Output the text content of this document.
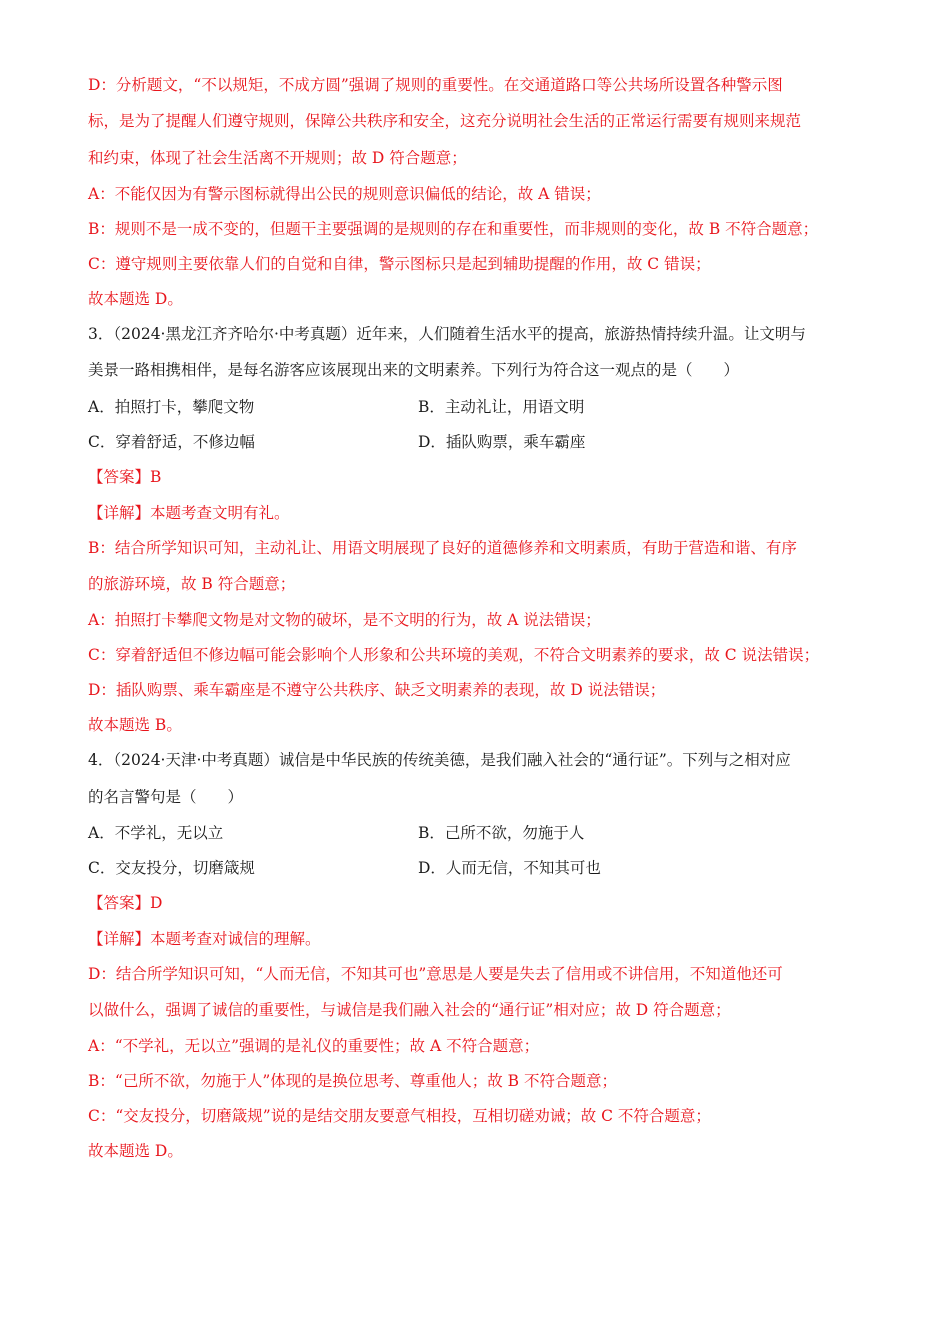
D：分析题文，“不以规矩，不成方圆”强调了规则的重要性。在交通道路口等公共场所设置各种警示图
标，是为了提醒人们遵守规则，保障公共秩序和安全，这充分说明社会生活的正常运行需要有规则来规范
和约束，体现了社会生活离不开规则；故 D 符合题意；
A：不能仅因为有警示图标就得出公民的规则意识偏低的结论，故 A 错误；
B：规则不是一成不变的，但题干主要强调的是规则的存在和重要性，而非规则的变化，故 B 不符合题意；
C：遵守规则主要依靠人们的自觉和自律，警示图标只是起到辅助提醒的作用，故 C 错误；
故本题选 D。
3．（2024·黑龙江齐齐哈尔·中考真题）近年来，人们随着生活水平的提高，旅游热情持续升温。让文明与
美景一路相携相伴，是每名游客应该展现出来的文明素养。下列行为符合这一观点的是（　　）
A．拍照打卡，攀爬文物	B．主动礼让，用语文明
C．穿着舒适，不修边幅	D．插队购票，乘车霸座
【答案】B
【详解】本题考查文明有礼。
B：结合所学知识可知，主动礼让、用语文明展现了良好的道德修养和文明素质，有助于营造和谐、有序
的旅游环境，故 B 符合题意；
A：拍照打卡攀爬文物是对文物的破坏，是不文明的行为，故 A 说法错误；
C：穿着舒适但不修边幅可能会影响个人形象和公共环境的美观，不符合文明素养的要求，故 C 说法错误；
D：插队购票、乘车霸座是不遵守公共秩序、缺乏文明素养的表现，故 D 说法错误；
故本题选 B。
4．（2024·天津·中考真题）诚信是中华民族的传统美德，是我们融入社会的“通行证”。下列与之相对应
的名言警句是（　　）
A．不学礼，无以立	B．己所不欲，勿施于人
C．交友投分，切磨箴规	D．人而无信，不知其可也
【答案】D
【详解】本题考查对诚信的理解。
D：结合所学知识可知，“人而无信，不知其可也”意思是人要是失去了信用或不讲信用，不知道他还可
以做什么，强调了诚信的重要性，与诚信是我们融入社会的“通行证”相对应；故 D 符合题意；
A：“不学礼，无以立”强调的是礼仪的重要性；故 A 不符合题意；
B：“己所不欲，勿施于人”体现的是换位思考、尊重他人；故 B 不符合题意；
C：“交友投分，切磨箴规”说的是结交朋友要意气相投，互相切磋劝诫；故 C 不符合题意；
故本题选 D。
